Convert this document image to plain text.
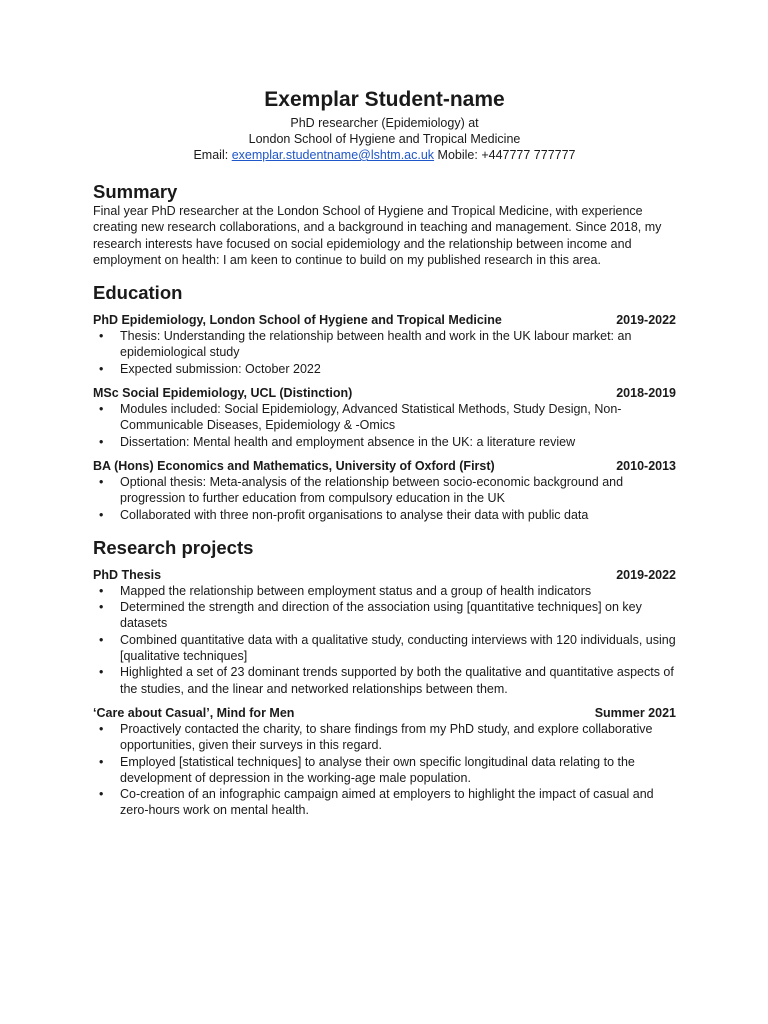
Exemplar Student-name

PhD researcher (Epidemiology) at

London School of Hygiene and Tropical Medicine

Email: exemplar.studentname@lshtm.ac.uk Mobile: +447777 777777

Summary

Final year PhD researcher at the London School of Hygiene and Tropical Medicine, with experience creating new research collaborations, and a background in teaching and management. Since 2018, my research interests have focused on social epidemiology and the relationship between income and employment on health: I am keen to continue to build on my published research in this area.

Education
PhD Epidemiology, London School of Hygiene and Tropical Medicine	2019-2022
• Thesis: Understanding the relationship between health and work in the UK labour market: an epidemiological study
• Expected submission: October 2022
MSc Social Epidemiology, UCL (Distinction)	2018-2019
• Modules included: Social Epidemiology, Advanced Statistical Methods, Study Design, Non-Communicable Diseases, Epidemiology & -Omics
• Dissertation: Mental health and employment absence in the UK: a literature review
BA (Hons) Economics and Mathematics, University of Oxford (First)	2010-2013
• Optional thesis: Meta-analysis of the relationship between socio-economic background and progression to further education from compulsory education in the UK
• Collaborated with three non-profit organisations to analyse their data with public data
Research projects
PhD Thesis	2019-2022
• Mapped the relationship between employment status and a group of health indicators
• Determined the strength and direction of the association using [quantitative techniques] on key datasets
• Combined quantitative data with a qualitative study, conducting interviews with 120 individuals, using [qualitative techniques]
• Highlighted a set of 23 dominant trends supported by both the qualitative and quantitative aspects of the studies, and the linear and networked relationships between them.
‘Care about Casual’, Mind for Men	Summer 2021
• Proactively contacted the charity, to share findings from my PhD study, and explore collaborative opportunities, given their surveys in this regard.
• Employed [statistical techniques] to analyse their own specific longitudinal data relating to the development of depression in the working-age male population.
• Co-creation of an infographic campaign aimed at employers to highlight the impact of casual and zero-hours work on mental health.
